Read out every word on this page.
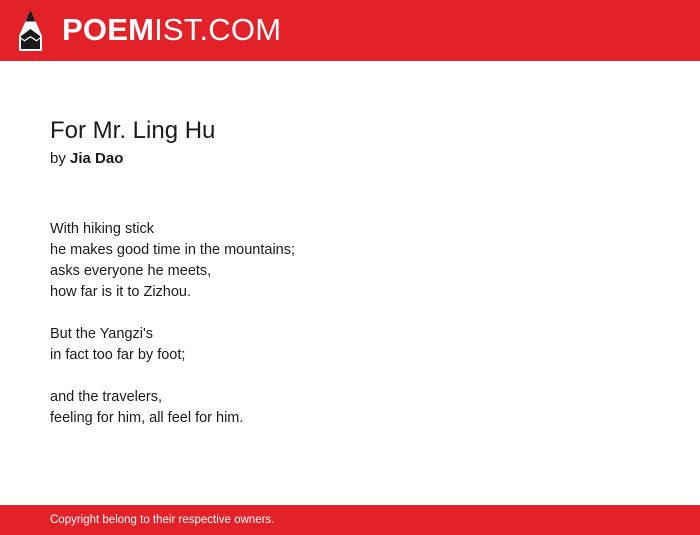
POEMIST.COM
For Mr. Ling Hu
by Jia Dao
With hiking stick
he makes good time in the mountains;
asks everyone he meets,
how far is it to Zizhou.
But the Yangzi's
in fact too far by foot;
and the travelers,
feeling for him, all feel for him.
Copyright belong to their respective owners.
